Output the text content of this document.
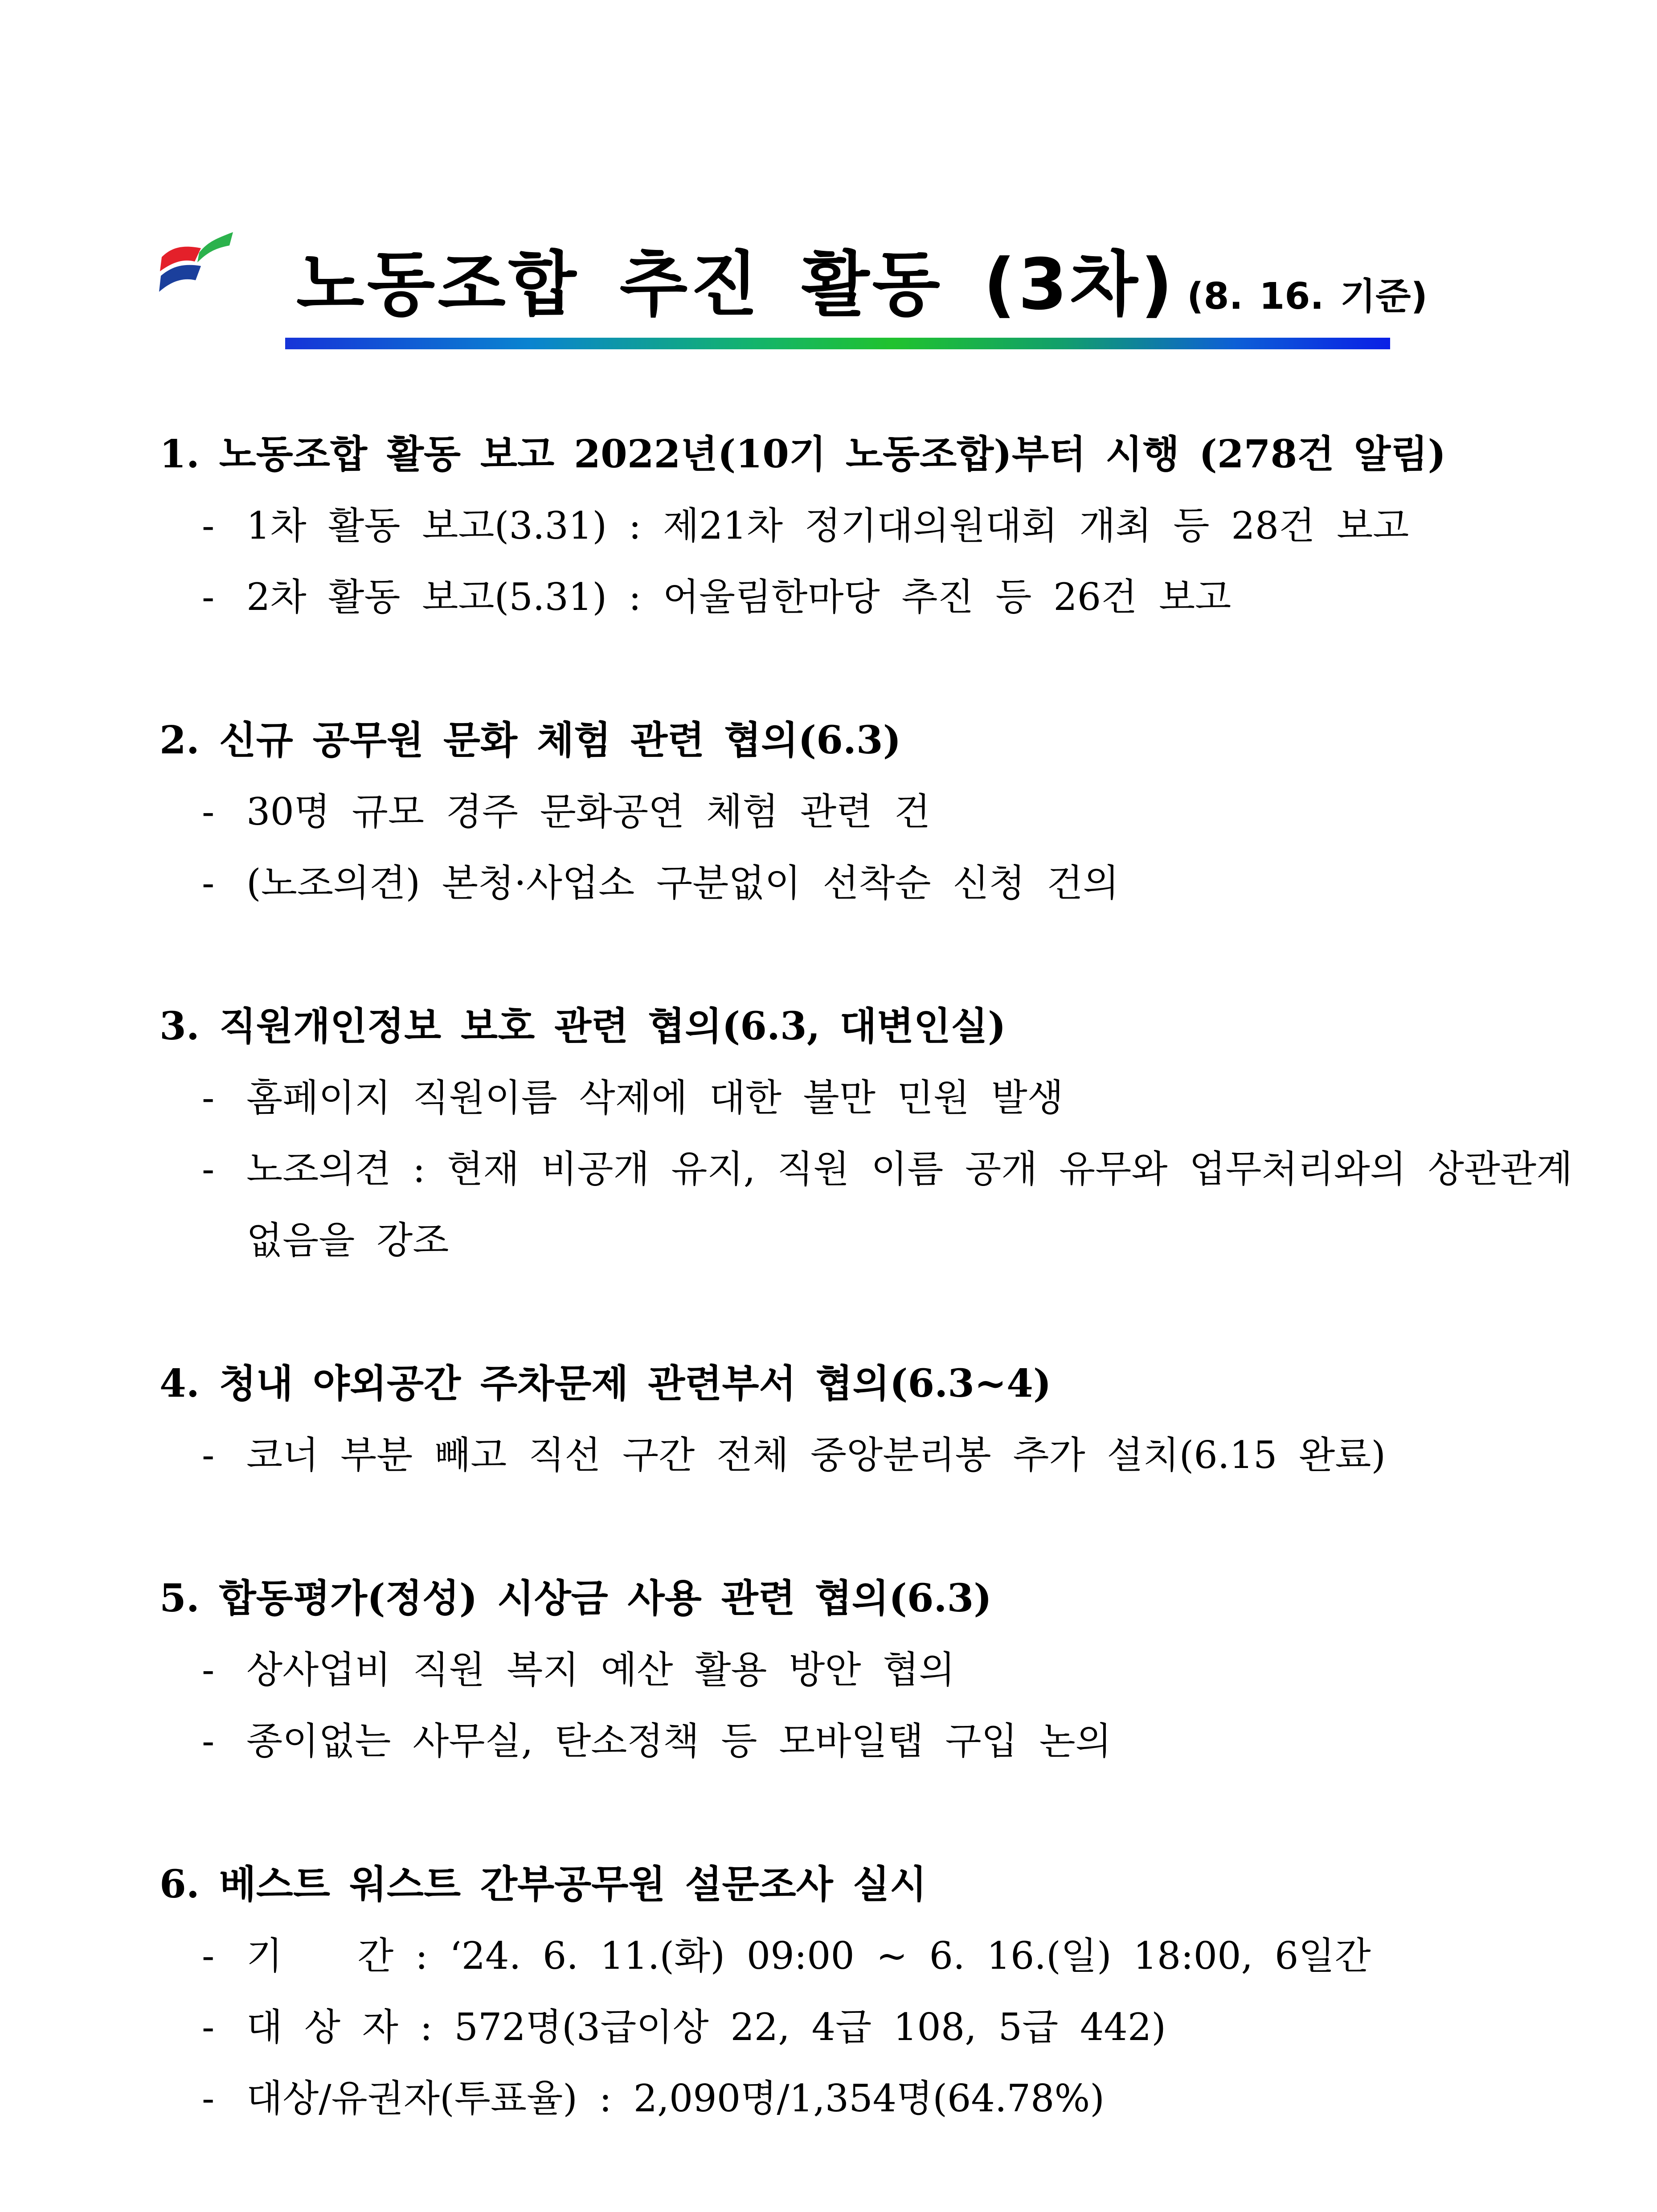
노동조합 추진 활동 (3차) (8. 16. 기준)
1. 노동조합 활동 보고 2022년(10기 노동조합)부터 시행 (278건 알림)
- 1차 활동 보고(3.31) : 제21차 정기대의원대회 개최 등 28건 보고
- 2차 활동 보고(5.31) : 어울림한마당 추진 등 26건 보고
2. 신규 공무원 문화 체험 관련 협의(6.3)
- 30명 규모 경주 문화공연 체험 관련 건
- (노조의견) 본청·사업소 구분없이 선착순 신청 건의
3. 직원개인정보 보호 관련 협의(6.3, 대변인실)
- 홈페이지 직원이름 삭제에 대한 불만 민원 발생
- 노조의견 : 현재 비공개 유지, 직원 이름 공개 유무와 업무처리와의 상관관계 없음을 강조
4. 청내 야외공간 주차문제 관련부서 협의(6.3~4)
- 코너 부분 빼고 직선 구간 전체 중앙분리봉 추가 설치(6.15 완료)
5. 합동평가(정성) 시상금 사용 관련 협의(6.3)
- 상사업비 직원 복지 예산 활용 방안 협의
- 종이없는 사무실, 탄소정책 등 모바일탭 구입 논의
6. 베스트 워스트 간부공무원 설문조사 실시
- 기　　간 : ‘24. 6. 11.(화) 09:00 ~ 6. 16.(일) 18:00, 6일간
- 대 상 자 : 572명(3급이상 22, 4급 108, 5급 442)
- 대상/유권자(투표율) : 2,090명/1,354명(64.78%)
